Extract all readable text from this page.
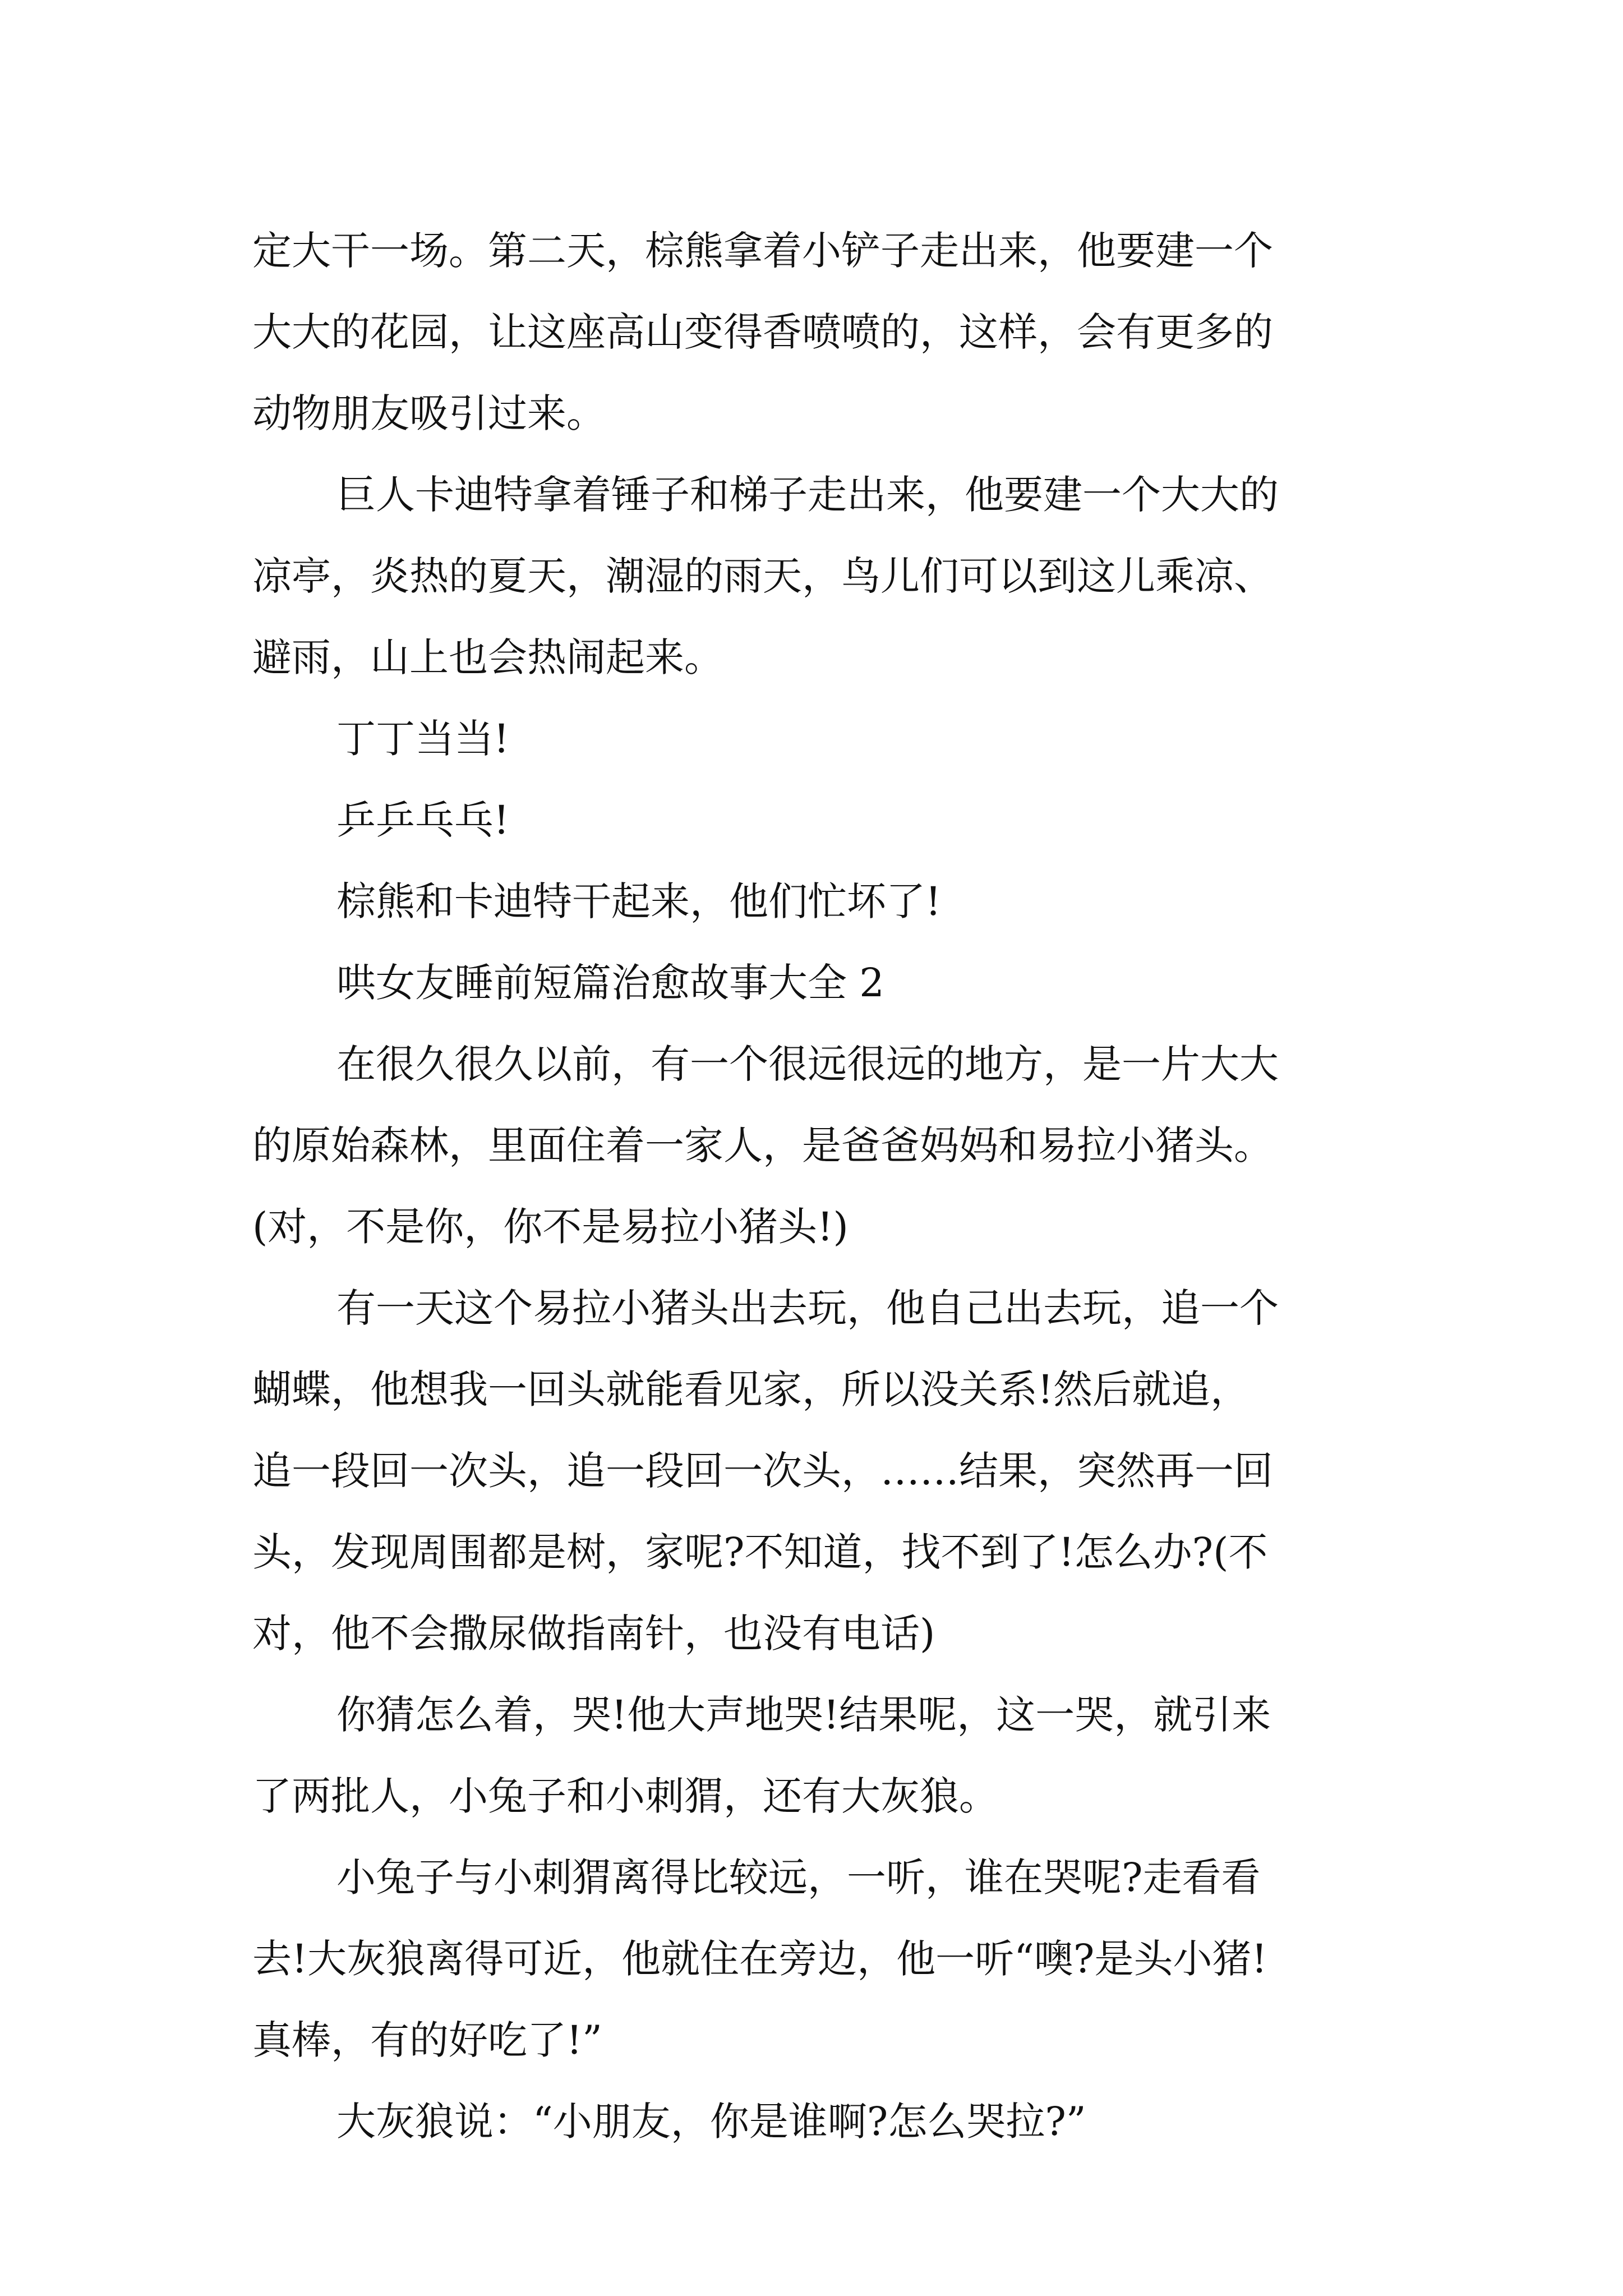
定大干一场。第二天，棕熊拿着小铲子走出来，他要建一个
大大的花园，让这座高山变得香喷喷的，这样，会有更多的
动物朋友吸引过来。
巨人卡迪特拿着锤子和梯子走出来，他要建一个大大的
凉亭，炎热的夏天，潮湿的雨天，鸟儿们可以到这儿乘凉、
避雨，山上也会热闹起来。
丁丁当当!
乒乒乓乓!
棕熊和卡迪特干起来，他们忙坏了!
哄女友睡前短篇治愈故事大全 2
在很久很久以前，有一个很远很远的地方，是一片大大
的原始森林，里面住着一家人，是爸爸妈妈和易拉小猪头。
(对，不是你，你不是易拉小猪头!)
有一天这个易拉小猪头出去玩，他自己出去玩，追一个
蝴蝶，他想我一回头就能看见家，所以没关系!然后就追，
追一段回一次头，追一段回一次头，……结果，突然再一回
头，发现周围都是树，家呢?不知道，找不到了!怎么办?(不
对，他不会撒尿做指南针，也没有电话)
你猜怎么着，哭!他大声地哭!结果呢，这一哭，就引来
了两批人，小兔子和小刺猬，还有大灰狼。
小兔子与小刺猬离得比较远，一听，谁在哭呢?走看看
去!大灰狼离得可近，他就住在旁边，他一听“噢?是头小猪!
真棒，有的好吃了!”
大灰狼说：“小朋友，你是谁啊?怎么哭拉?”
